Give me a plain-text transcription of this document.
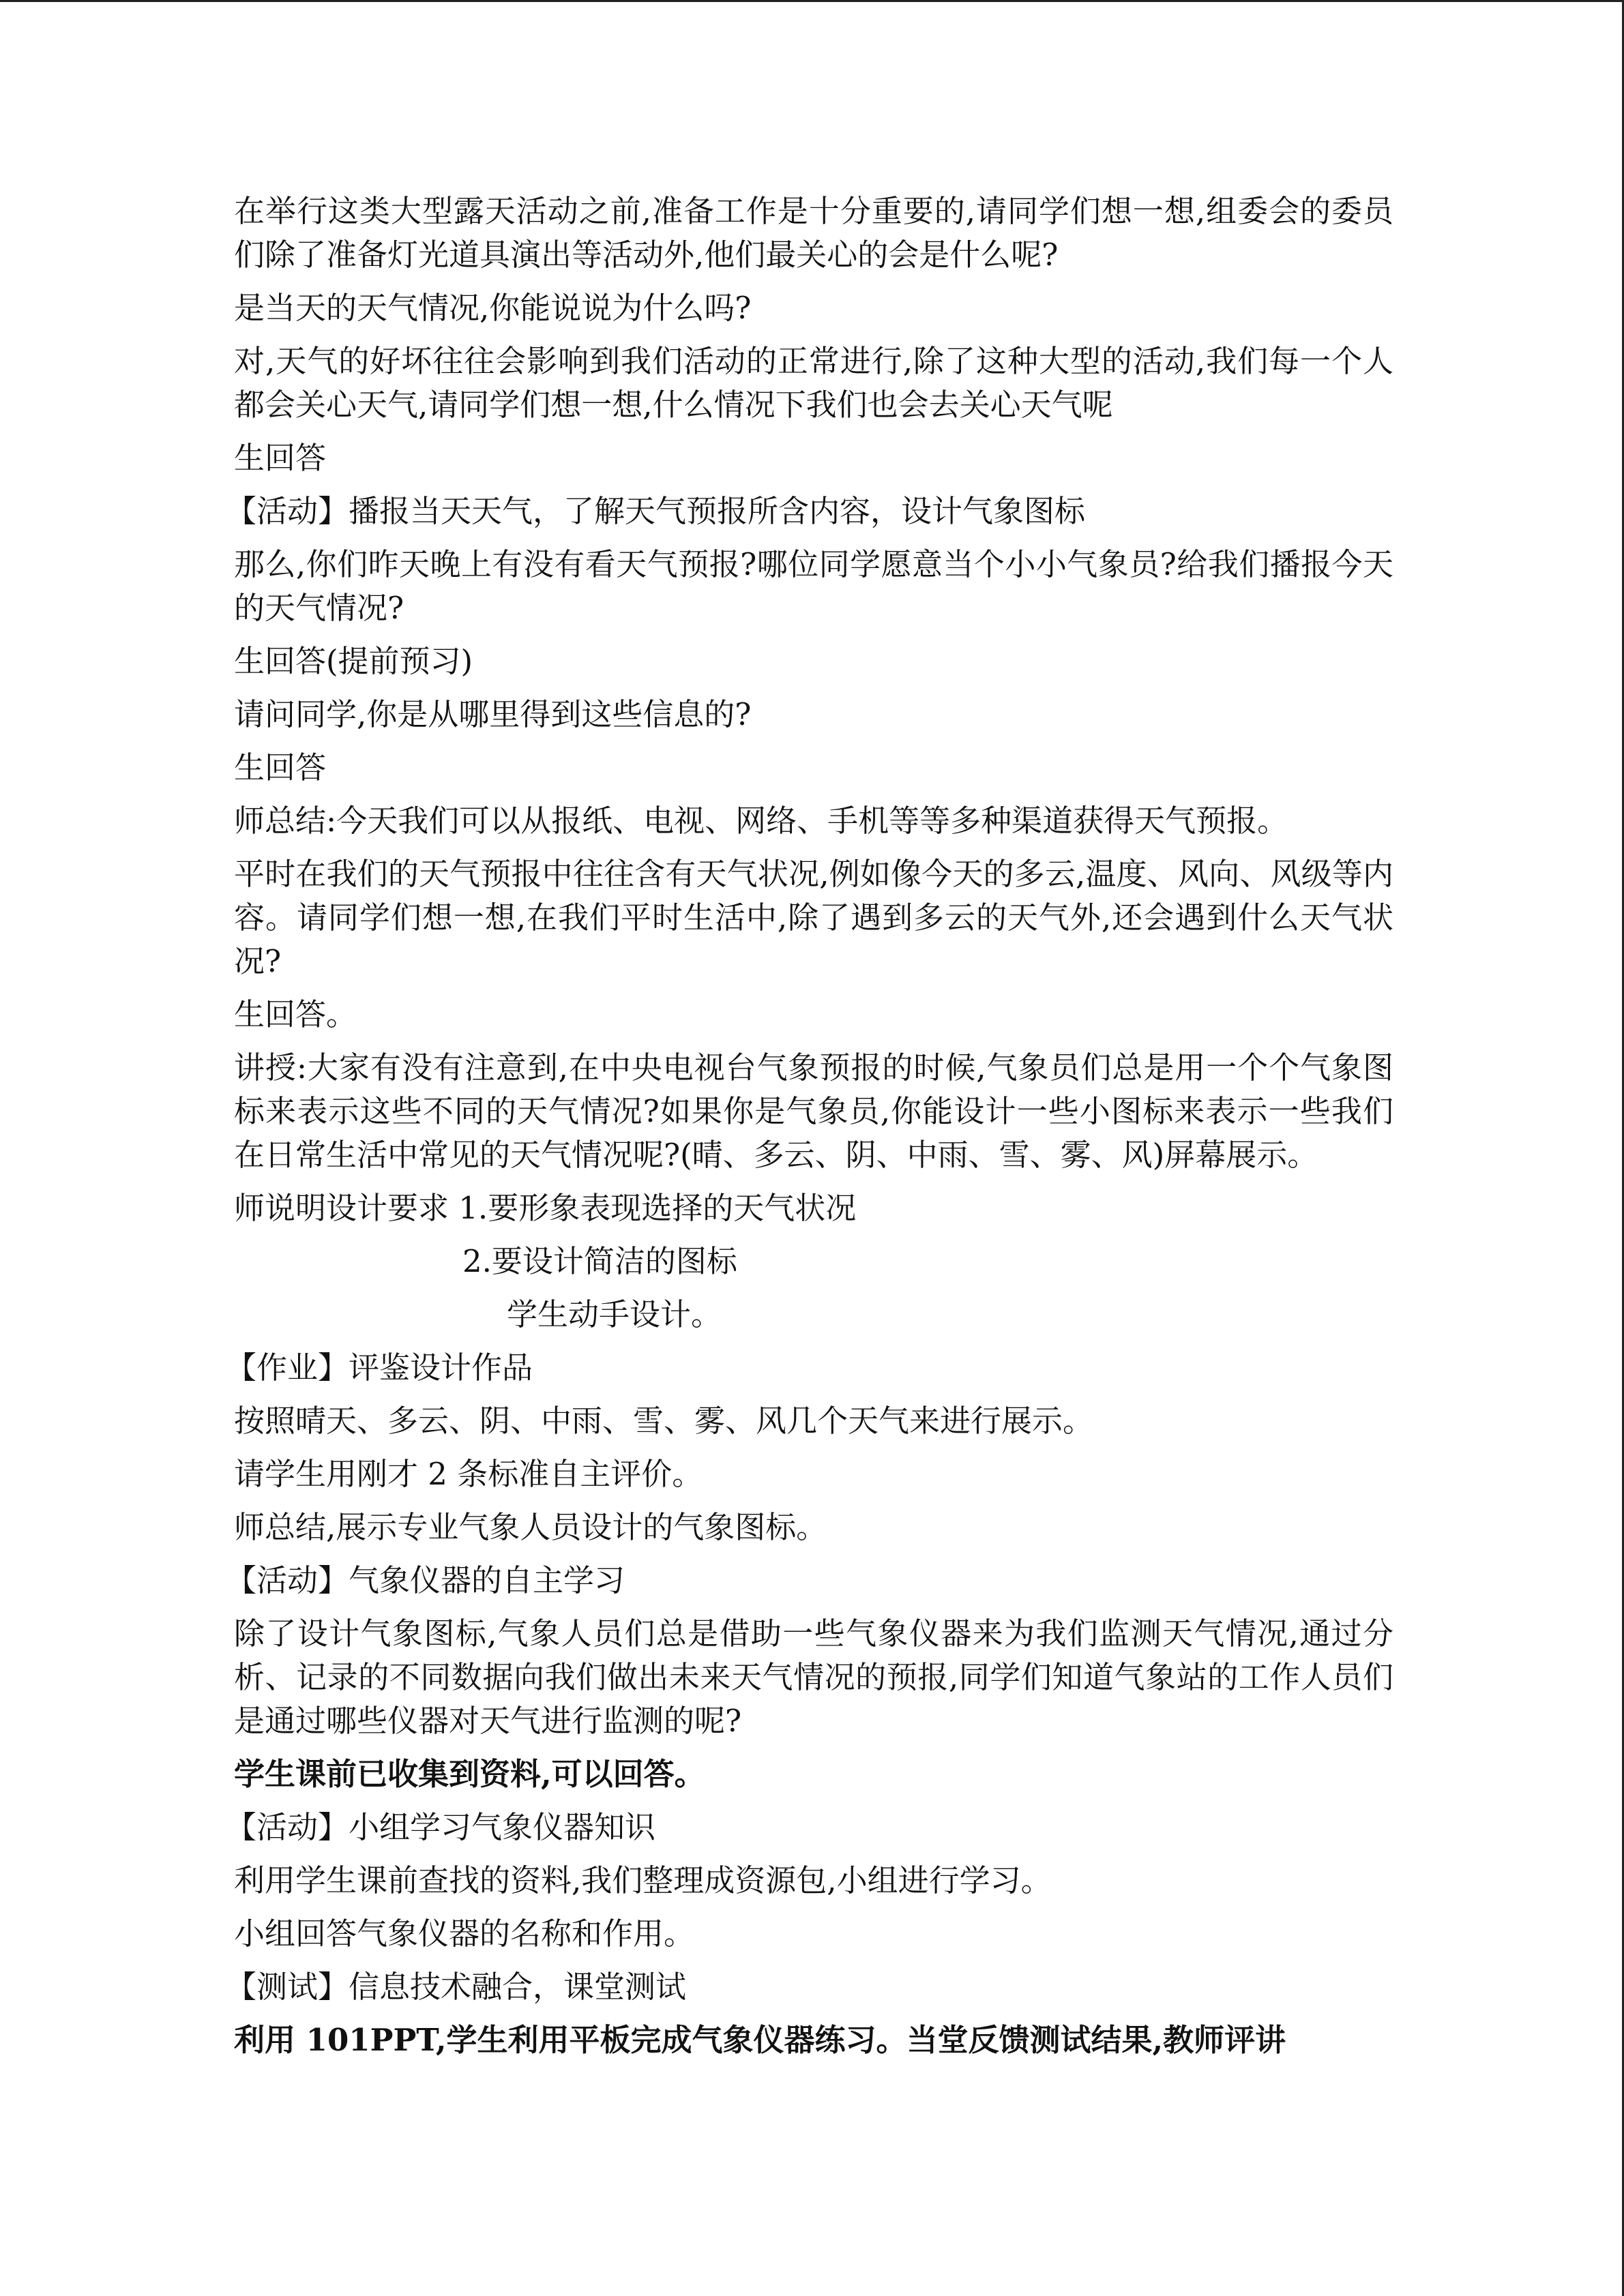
在举行这类大型露天活动之前,准备工作是十分重要的,请同学们想一想,组委会的委员们除了准备灯光道具演出等活动外,他们最关心的会是什么呢?

是当天的天气情况,你能说说为什么吗?

对,天气的好坏往往会影响到我们活动的正常进行,除了这种大型的活动,我们每一个人都会关心天气,请同学们想一想,什么情况下我们也会去关心天气呢

生回答

【活动】播报当天天气，了解天气预报所含内容，设计气象图标

那么,你们昨天晚上有没有看天气预报?哪位同学愿意当个小小气象员?给我们播报今天的天气情况?

生回答(提前预习)

请问同学,你是从哪里得到这些信息的?

生回答

师总结:今天我们可以从报纸、电视、网络、手机等等多种渠道获得天气预报。

平时在我们的天气预报中往往含有天气状况,例如像今天的多云,温度、风向、风级等内容。请同学们想一想,在我们平时生活中,除了遇到多云的天气外,还会遇到什么天气状况?

生回答。

讲授:大家有没有注意到,在中央电视台气象预报的时候,气象员们总是用一个个气象图标来表示这些不同的天气情况?如果你是气象员,你能设计一些小图标来表示一些我们在日常生活中常见的天气情况呢?(晴、多云、阴、中雨、雪、雾、风)屏幕展示。

师说明设计要求 1.要形象表现选择的天气状况

2.要设计简洁的图标

学生动手设计。

【作业】评鉴设计作品

按照晴天、多云、阴、中雨、雪、雾、风几个天气来进行展示。

请学生用刚才 2 条标准自主评价。

师总结,展示专业气象人员设计的气象图标。

【活动】气象仪器的自主学习

除了设计气象图标,气象人员们总是借助一些气象仪器来为我们监测天气情况,通过分析、记录的不同数据向我们做出未来天气情况的预报,同学们知道气象站的工作人员们是通过哪些仪器对天气进行监测的呢?

学生课前已收集到资料,可以回答。

【活动】小组学习气象仪器知识

利用学生课前查找的资料,我们整理成资源包,小组进行学习。

小组回答气象仪器的名称和作用。

【测试】信息技术融合，课堂测试

利用 101PPT,学生利用平板完成气象仪器练习。当堂反馈测试结果,教师评讲
